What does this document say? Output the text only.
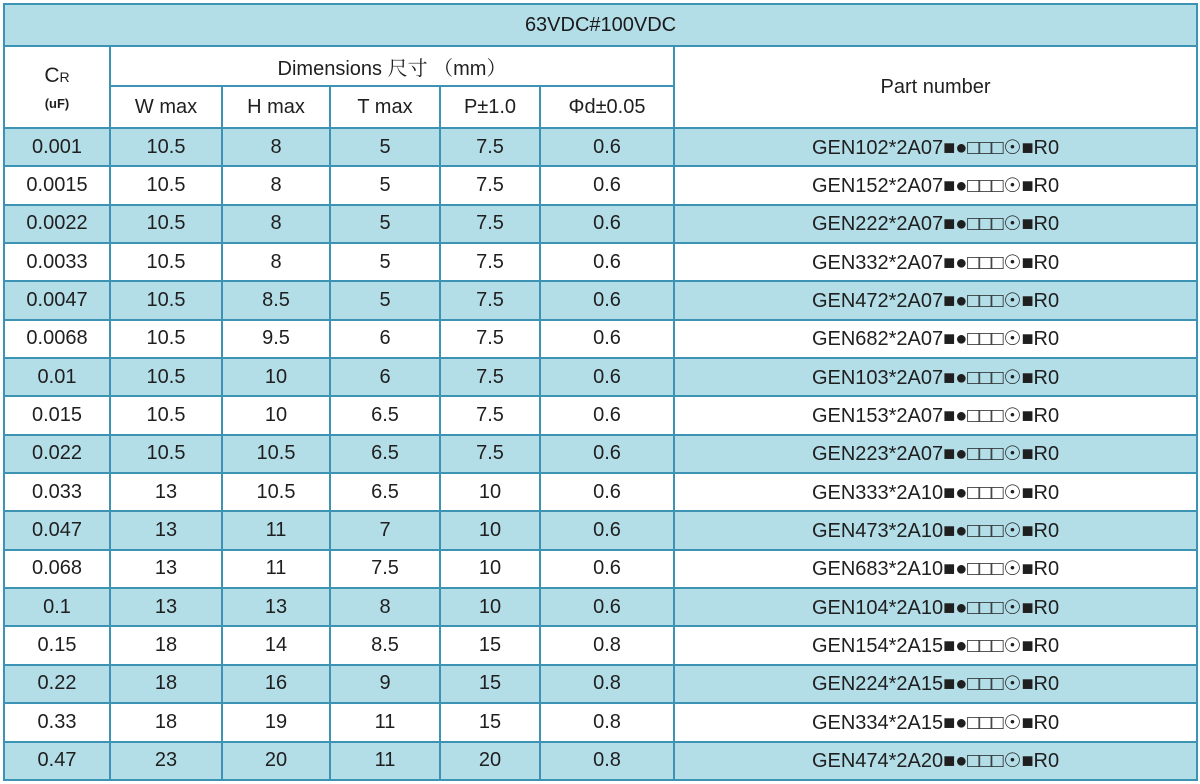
63VDC#100VDC						

CR
(uF)	Dimensions 尺寸 （mm）					Part number
	W max	H max	T max	P±1.0	Φd±0.05	
0.001	10.5	8	5	7.5	0.6	GEN102*2A07■●□□□☉■R0
0.0015	10.5	8	5	7.5	0.6	GEN152*2A07■●□□□☉■R0
0.0022	10.5	8	5	7.5	0.6	GEN222*2A07■●□□□☉■R0
0.0033	10.5	8	5	7.5	0.6	GEN332*2A07■●□□□☉■R0
0.0047	10.5	8.5	5	7.5	0.6	GEN472*2A07■●□□□☉■R0
0.0068	10.5	9.5	6	7.5	0.6	GEN682*2A07■●□□□☉■R0
0.01	10.5	10	6	7.5	0.6	GEN103*2A07■●□□□☉■R0
0.015	10.5	10	6.5	7.5	0.6	GEN153*2A07■●□□□☉■R0
0.022	10.5	10.5	6.5	7.5	0.6	GEN223*2A07■●□□□☉■R0
0.033	13	10.5	6.5	10	0.6	GEN333*2A10■●□□□☉■R0
0.047	13	11	7	10	0.6	GEN473*2A10■●□□□☉■R0
0.068	13	11	7.5	10	0.6	GEN683*2A10■●□□□☉■R0
0.1	13	13	8	10	0.6	GEN104*2A10■●□□□☉■R0
0.15	18	14	8.5	15	0.8	GEN154*2A15■●□□□☉■R0
0.22	18	16	9	15	0.8	GEN224*2A15■●□□□☉■R0
0.33	18	19	11	15	0.8	GEN334*2A15■●□□□☉■R0
0.47	23	20	11	20	0.8	GEN474*2A20■●□□□☉■R0
